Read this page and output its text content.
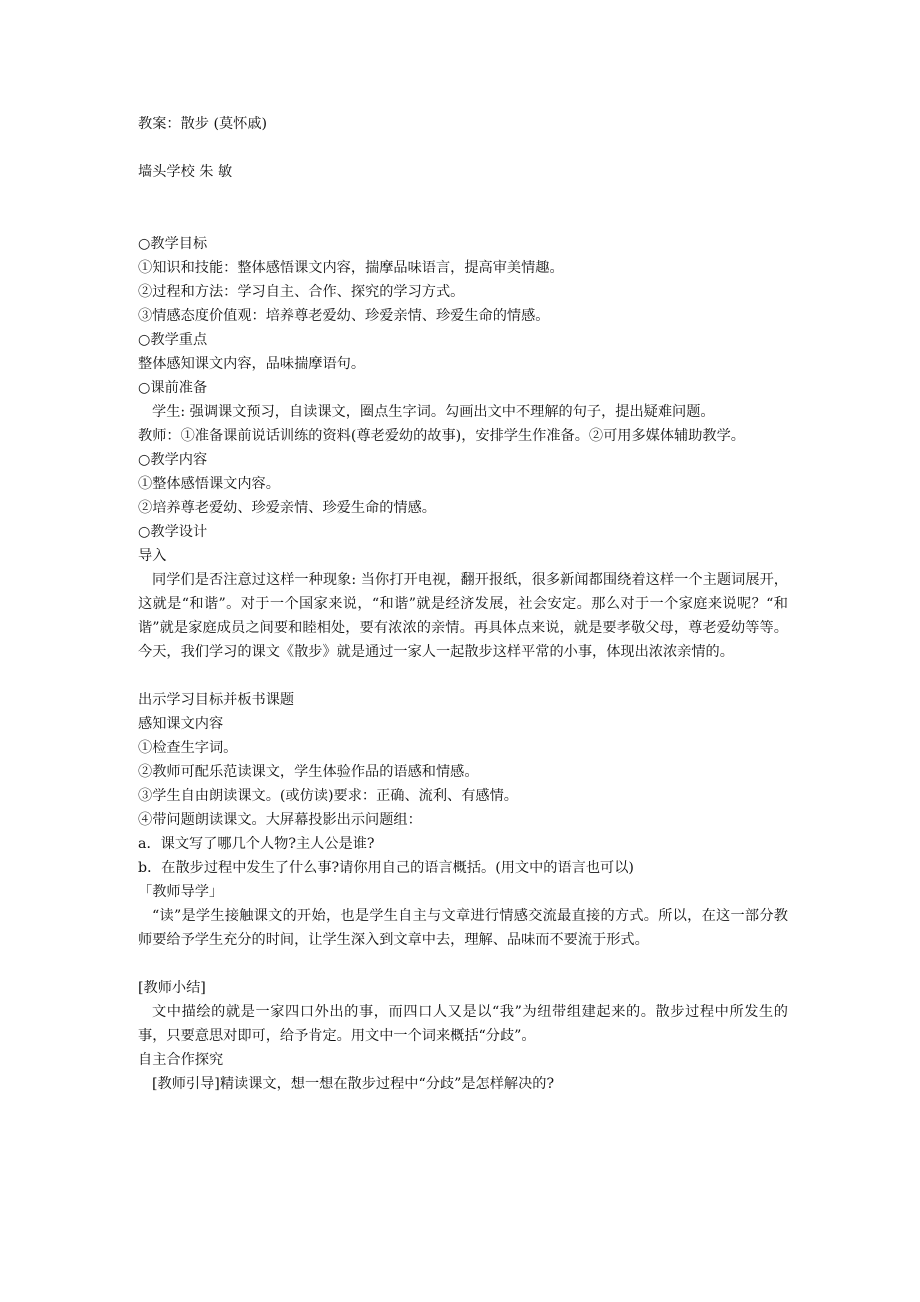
教案：散步 (莫怀戚)
墙头学校 朱 敏
○教学目标
①知识和技能：整体感悟课文内容，揣摩品味语言，提高审美情趣。
②过程和方法：学习自主、合作、探究的学习方式。
③情感态度价值观：培养尊老爱幼、珍爱亲情、珍爱生命的情感。
○教学重点
整体感知课文内容，品味揣摩语句。
○课前准备
学生: 强调课文预习，自读课文，圈点生字词。勾画出文中不理解的句子，提出疑难问题。
教师：①准备课前说话训练的资料(尊老爱幼的故事)，安排学生作准备。②可用多媒体辅助教学。
○教学内容
①整体感悟课文内容。
②培养尊老爱幼、珍爱亲情、珍爱生命的情感。
○教学设计
导入
同学们是否注意过这样一种现象: 当你打开电视，翻开报纸，很多新闻都围绕着这样一个主题词展开，这就是“和谐”。对于一个国家来说，“和谐”就是经济发展，社会安定。那么对于一个家庭来说呢？“和谐”就是家庭成员之间要和睦相处，要有浓浓的亲情。再具体点来说，就是要孝敬父母，尊老爱幼等等。今天，我们学习的课文《散步》就是通过一家人一起散步这样平常的小事，体现出浓浓亲情的。
出示学习目标并板书课题
感知课文内容
①检查生字词。
②教师可配乐范读课文，学生体验作品的语感和情感。
③学生自由朗读课文。(或仿读)要求：正确、流利、有感情。
④带问题朗读课文。大屏幕投影出示问题组：
a．课文写了哪几个人物?主人公是谁?
b．在散步过程中发生了什么事?请你用自己的语言概括。(用文中的语言也可以)
「教师导学」
“读”是学生接触课文的开始，也是学生自主与文章进行情感交流最直接的方式。所以，在这一部分教师要给予学生充分的时间，让学生深入到文章中去，理解、品味而不要流于形式。
[教师小结]
文中描绘的就是一家四口外出的事，而四口人又是以“我”为纽带组建起来的。散步过程中所发生的事，只要意思对即可，给予肯定。用文中一个词来概括“分歧”。
自主合作探究
[教师引导]精读课文，想一想在散步过程中“分歧”是怎样解决的?
